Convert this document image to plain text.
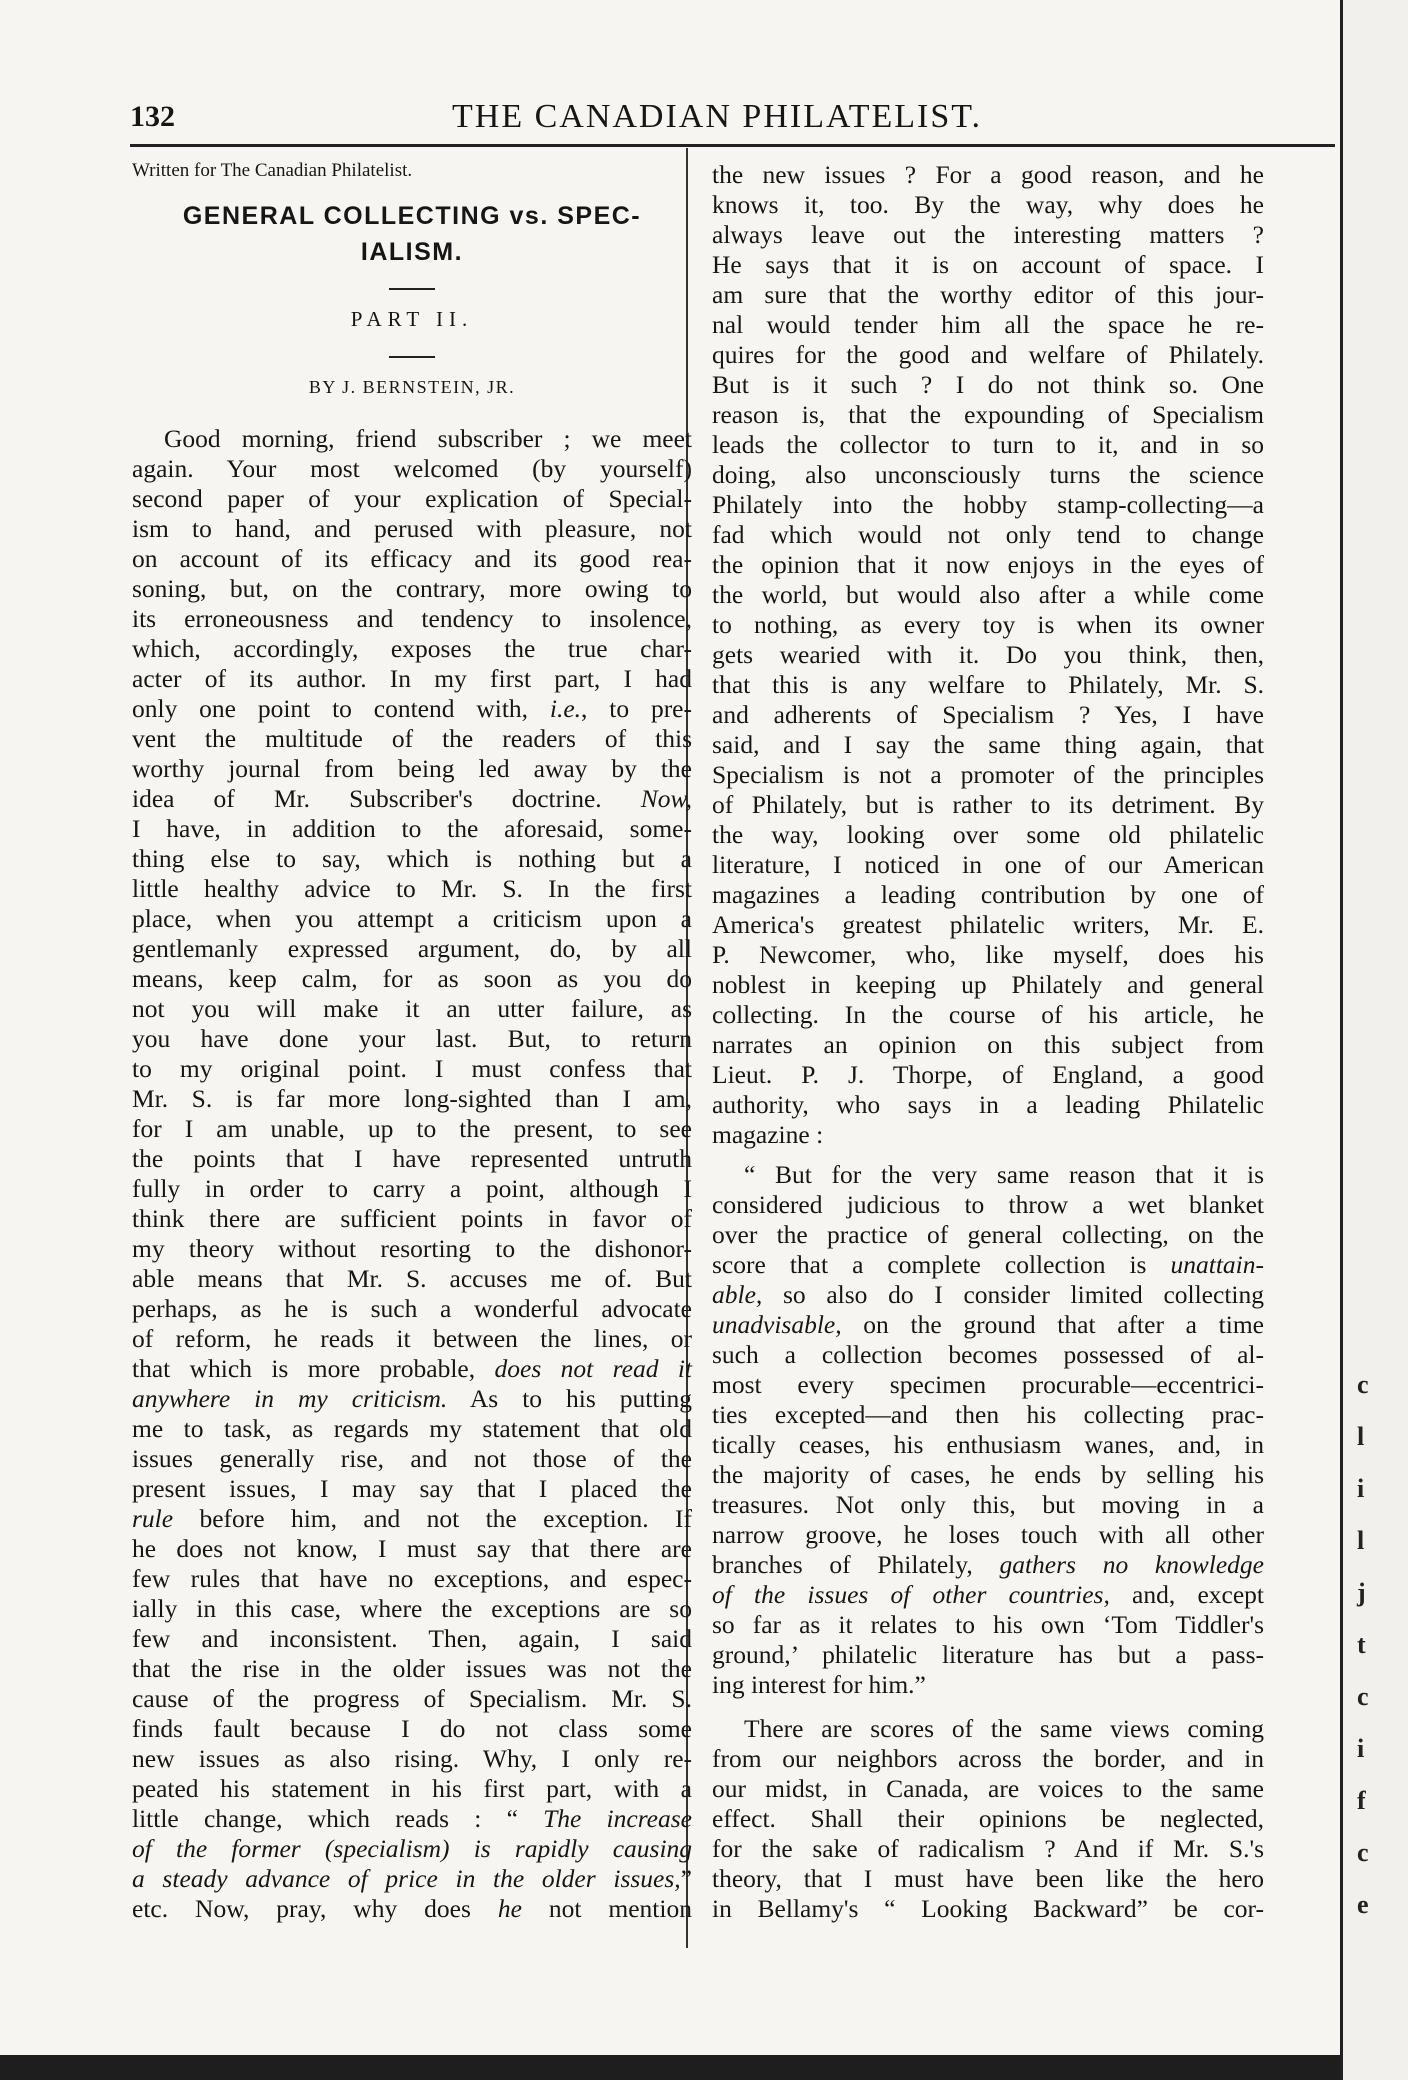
132	THE CANADIAN PHILATELIST.
Written for The Canadian Philatelist.
GENERAL COLLECTING vs. SPEC-
IALISM.
PART II.
BY J. BERNSTEIN, JR.
Good morning, friend subscriber ; we meet
again. Your most welcomed (by yourself)
second paper of your explication of Special-
ism to hand, and perused with pleasure, not
on account of its efficacy and its good rea-
soning, but, on the contrary, more owing to
its erroneousness and tendency to insolence,
which, accordingly, exposes the true char-
acter of its author. In my first part, I had
only one point to contend with, i.e., to pre-
vent the multitude of the readers of this
worthy journal from being led away by the
idea of Mr. Subscriber's doctrine. Now,
I have, in addition to the aforesaid, some-
thing else to say, which is nothing but a
little healthy advice to Mr. S. In the first
place, when you attempt a criticism upon a
gentlemanly expressed argument, do, by all
means, keep calm, for as soon as you do
not you will make it an utter failure, as
you have done your last. But, to return
to my original point. I must confess that
Mr. S. is far more long-sighted than I am,
for I am unable, up to the present, to see
the points that I have represented untruth
fully in order to carry a point, although I
think there are sufficient points in favor of
my theory without resorting to the dishonor-
able means that Mr. S. accuses me of. But
perhaps, as he is such a wonderful advocate
of reform, he reads it between the lines, or
that which is more probable, does not read it
anywhere in my criticism. As to his putting
me to task, as regards my statement that old
issues generally rise, and not those of the
present issues, I may say that I placed the
rule before him, and not the exception. If
he does not know, I must say that there are
few rules that have no exceptions, and espec-
ially in this case, where the exceptions are so
few and inconsistent. Then, again, I said
that the rise in the older issues was not the
cause of the progress of Specialism. Mr. S.
finds fault because I do not class some
new issues as also rising. Why, I only re-
peated his statement in his first part, with a
little change, which reads : “ The increase
of the former (specialism) is rapidly causing
a steady advance of price in the older issues,”
etc. Now, pray, why does he not mention
the new issues ? For a good reason, and he
knows it, too. By the way, why does he
always leave out the interesting matters ?
He says that it is on account of space. I
am sure that the worthy editor of this jour-
nal would tender him all the space he re-
quires for the good and welfare of Philately.
But is it such ? I do not think so. One
reason is, that the expounding of Specialism
leads the collector to turn to it, and in so
doing, also unconsciously turns the science
Philately into the hobby stamp-collecting—a
fad which would not only tend to change
the opinion that it now enjoys in the eyes of
the world, but would also after a while come
to nothing, as every toy is when its owner
gets wearied with it. Do you think, then,
that this is any welfare to Philately, Mr. S.
and adherents of Specialism ? Yes, I have
said, and I say the same thing again, that
Specialism is not a promoter of the principles
of Philately, but is rather to its detriment. By
the way, looking over some old philatelic
literature, I noticed in one of our American
magazines a leading contribution by one of
America's greatest philatelic writers, Mr. E.
P. Newcomer, who, like myself, does his
noblest in keeping up Philately and general
collecting. In the course of his article, he
narrates an opinion on this subject from
Lieut. P. J. Thorpe, of England, a good
authority, who says in a leading Philatelic
magazine :
“ But for the very same reason that it is
considered judicious to throw a wet blanket
over the practice of general collecting, on the
score that a complete collection is unattain-
able, so also do I consider limited collecting
unadvisable, on the ground that after a time
such a collection becomes possessed of al-
most every specimen procurable—eccentrici-
ties excepted—and then his collecting prac-
tically ceases, his enthusiasm wanes, and, in
the majority of cases, he ends by selling his
treasures. Not only this, but moving in a
narrow groove, he loses touch with all other
branches of Philately, gathers no knowledge
of the issues of other countries, and, except
so far as it relates to his own ‘Tom Tiddler's
ground,’ philatelic literature has but a pass-
ing interest for him.”
There are scores of the same views coming
from our neighbors across the border, and in
our midst, in Canada, are voices to the same
effect. Shall their opinions be neglected,
for the sake of radicalism ? And if Mr. S.'s
theory, that I must have been like the hero
in Bellamy's “ Looking Backward” be cor-
c
l
i
l
j
t
c
i
f
c
e
